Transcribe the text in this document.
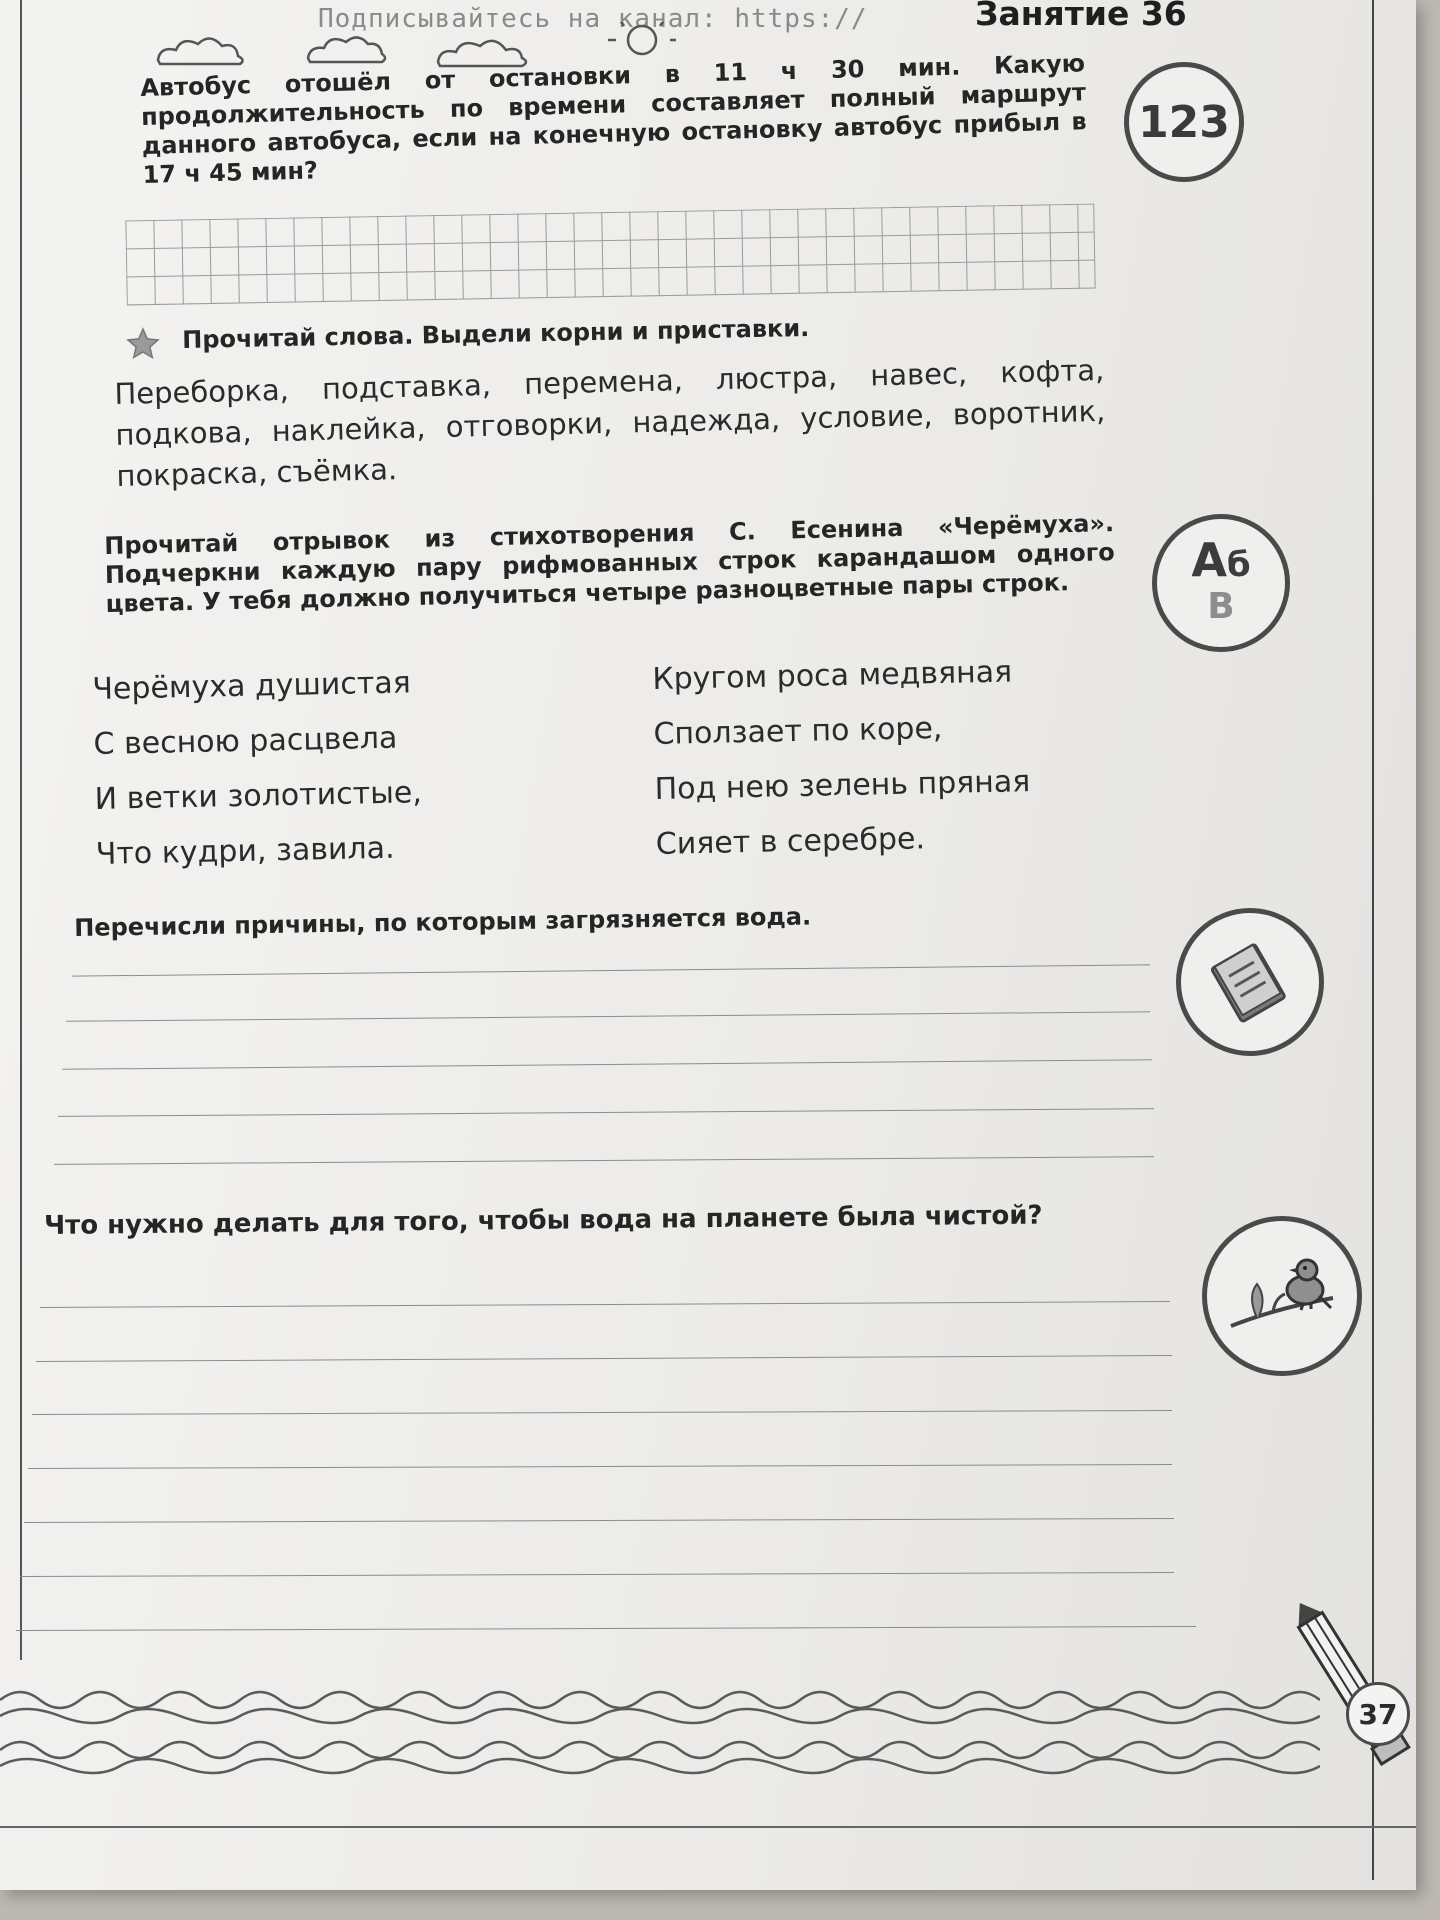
Подписывайтесь на канал: https://	Занятие 36
Автобус отошёл от остановки в 11 ч 30 мин. Какую продолжительность по времени составляет полный маршрут данного автобуса, если на конечную остановку автобус прибыл в 17 ч 45 мин?
123
Прочитай слова. Выдели корни и приставки.
Переборка, подставка, перемена, люстра, навес, кофта, подкова, наклейка, отговорки, надежда, условие, воротник, покраска, съёмка.
Прочитай отрывок из стихотворения С. Есенина «Черёмуха». Подчеркни каждую пару рифмованных строк карандашом одного цвета. У тебя должно получиться четыре разноцветные пары строк.
Аб
В
Черёмуха душистая
С весною расцвела
И ветки золотистые,
Что кудри, завила.
Кругом роса медвяная
Сползает по коре,
Под нею зелень пряная
Сияет в серебре.
Перечисли причины, по которым загрязняется вода.
Что нужно делать для того, чтобы вода на планете была чистой?
37
